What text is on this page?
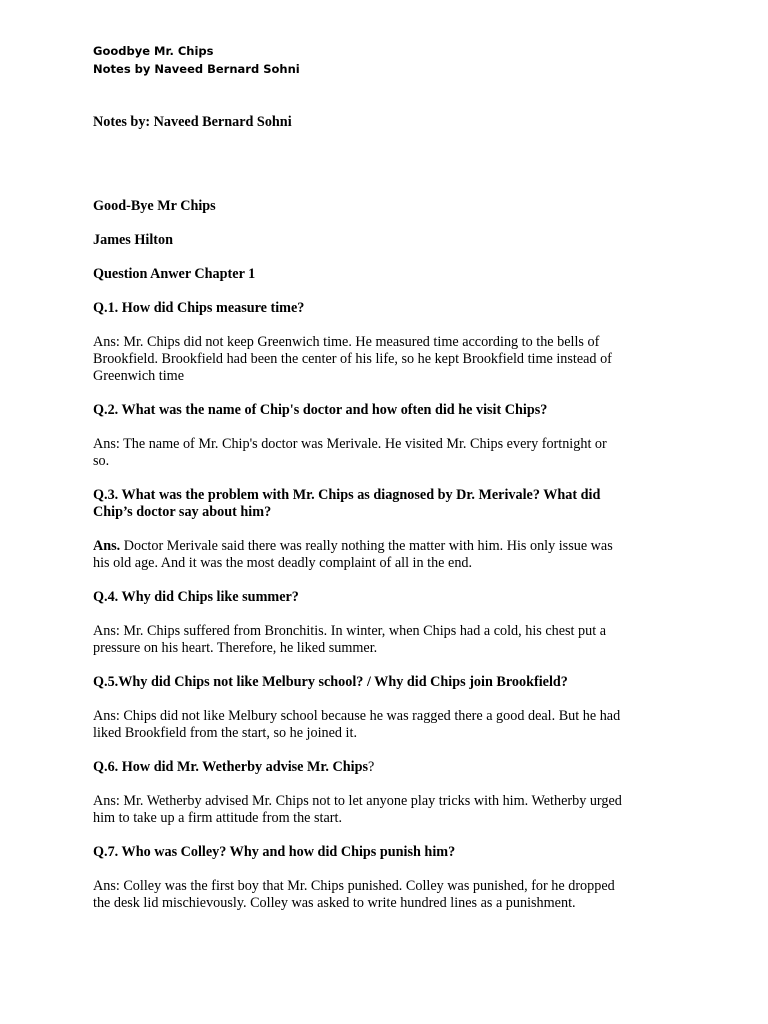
Goodbye Mr. Chips
Notes by Naveed Bernard Sohni

Notes by: Naveed Bernard Sohni

Good-Bye Mr Chips

James Hilton

Question Anwer Chapter 1

Q.1. How did Chips measure time?

Ans: Mr. Chips did not keep Greenwich time. He measured time according to the bells of
Brookfield. Brookfield had been the center of his life, so he kept Brookfield time instead of
Greenwich time

Q.2. What was the name of Chip's doctor and how often did he visit Chips?

Ans: The name of Mr. Chip's doctor was Merivale. He visited Mr. Chips every fortnight or
so.
Q.3. What was the problem with Mr. Chips as diagnosed by Dr. Merivale? What did
Chip’s doctor say about him?
Ans. Doctor Merivale said there was really nothing the matter with him. His only issue was
his old age. And it was the most deadly complaint of all in the end.

Q.4. Why did Chips like summer?

Ans: Mr. Chips suffered from Bronchitis. In winter, when Chips had a cold, his chest put a
pressure on his heart. Therefore, he liked summer.

Q.5.Why did Chips not like Melbury school? / Why did Chips join Brookfield?

Ans: Chips did not like Melbury school because he was ragged there a good deal. But he had
liked Brookfield from the start, so he joined it.

Q.6. How did Mr. Wetherby advise Mr. Chips?

Ans: Mr. Wetherby advised Mr. Chips not to let anyone play tricks with him. Wetherby urged
him to take up a firm attitude from the start.

Q.7. Who was Colley? Why and how did Chips punish him?

Ans: Colley was the first boy that Mr. Chips punished. Colley was punished, for he dropped
the desk lid mischievously. Colley was asked to write hundred lines as a punishment.
